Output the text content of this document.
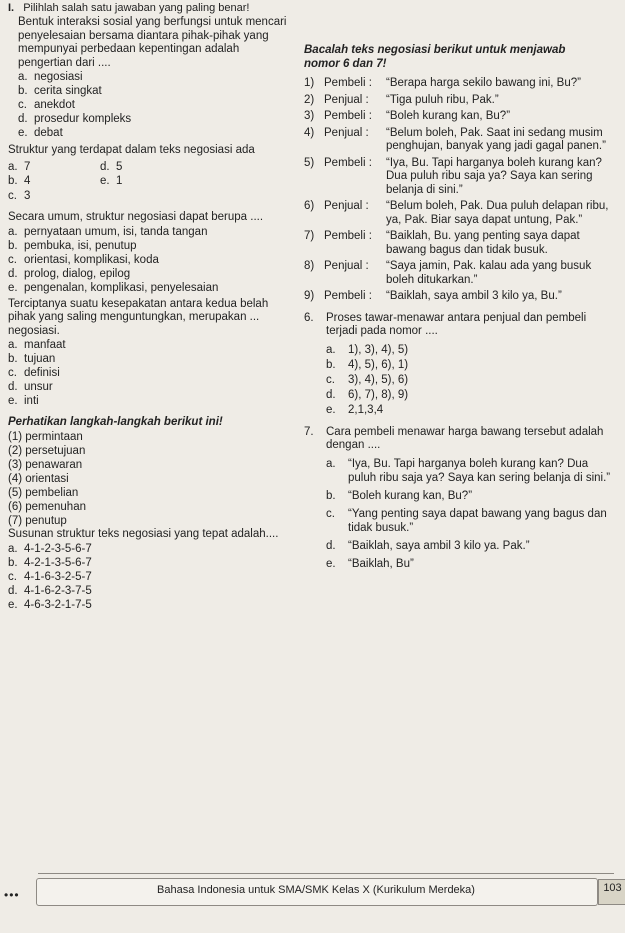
I. Pilihlah salah satu jawaban yang paling benar!
Bentuk interaksi sosial yang berfungsi untuk mencari penyelesaian bersama diantara pihak-pihak yang mempunyai perbedaan kepentingan adalah pengertian dari ....
a. negosiasi
b. cerita singkat
c. anekdot
d. prosedur kompleks
e. debat
Struktur yang terdapat dalam teks negosiasi ada
a. 7	d. 5
b. 4	e. 1
c. 3
Secara umum, struktur negosiasi dapat berupa ....
a. pernyataan umum, isi, tanda tangan
b. pembuka, isi, penutup
c. orientasi, komplikasi, koda
d. prolog, dialog, epilog
e. pengenalan, komplikasi, penyelesaian
Terciptanya suatu kesepakatan antara kedua belah pihak yang saling menguntungkan, merupakan ... negosiasi.
a. manfaat
b. tujuan
c. definisi
d. unsur
e. inti
Perhatikan langkah-langkah berikut ini!
(1) permintaan
(2) persetujuan
(3) penawaran
(4) orientasi
(5) pembelian
(6) pemenuhan
(7) penutup
Susunan struktur teks negosiasi yang tepat adalah....
a. 4-1-2-3-5-6-7
b. 4-2-1-3-5-6-7
c. 4-1-6-3-2-5-7
d. 4-1-6-2-3-7-5
e. 4-6-3-2-1-7-5
Bacalah teks negosiasi berikut untuk menjawab nomor 6 dan 7!
1) Pembeli :	“Berapa harga sekilo bawang ini, Bu?”
2) Penjual :	“Tiga puluh ribu, Pak.”
3) Pembeli :	“Boleh kurang kan, Bu?”
4) Penjual :	“Belum boleh, Pak. Saat ini sedang musim penghujan, banyak yang jadi gagal panen.”
5) Pembeli :	“Iya, Bu. Tapi harganya boleh kurang kan? Dua puluh ribu saja ya? Saya kan sering belanja di sini.”
6) Penjual :	“Belum boleh, Pak. Dua puluh delapan ribu, ya, Pak. Biar saya dapat untung, Pak.”
7) Pembeli :	“Baiklah, Bu. yang penting saya dapat bawang bagus dan tidak busuk.
8) Penjual :	“Saya jamin, Pak. kalau ada yang busuk boleh ditukarkan.”
9) Pembeli :	“Baiklah, saya ambil 3 kilo ya, Bu.”
6.	Proses tawar-menawar antara penjual dan pembeli terjadi pada nomor ....
a. 1), 3), 4), 5)
b. 4), 5), 6), 1)
c. 3), 4), 5), 6)
d. 6), 7), 8), 9)
e. 2,1,3,4
7.	Cara pembeli menawar harga bawang tersebut adalah dengan ....
a.	“Iya, Bu. Tapi harganya boleh kurang kan? Dua puluh ribu saja ya? Saya kan sering belanja di sini.”
b.	“Boleh kurang kan, Bu?”
c.	“Yang penting saya dapat bawang yang bagus dan tidak busuk.”
d.	“Baiklah, saya ambil 3 kilo ya. Pak.”
e.	“Baiklah, Bu”
•••	Bahasa Indonesia untuk SMA/SMK Kelas X (Kurikulum Merdeka)	103
